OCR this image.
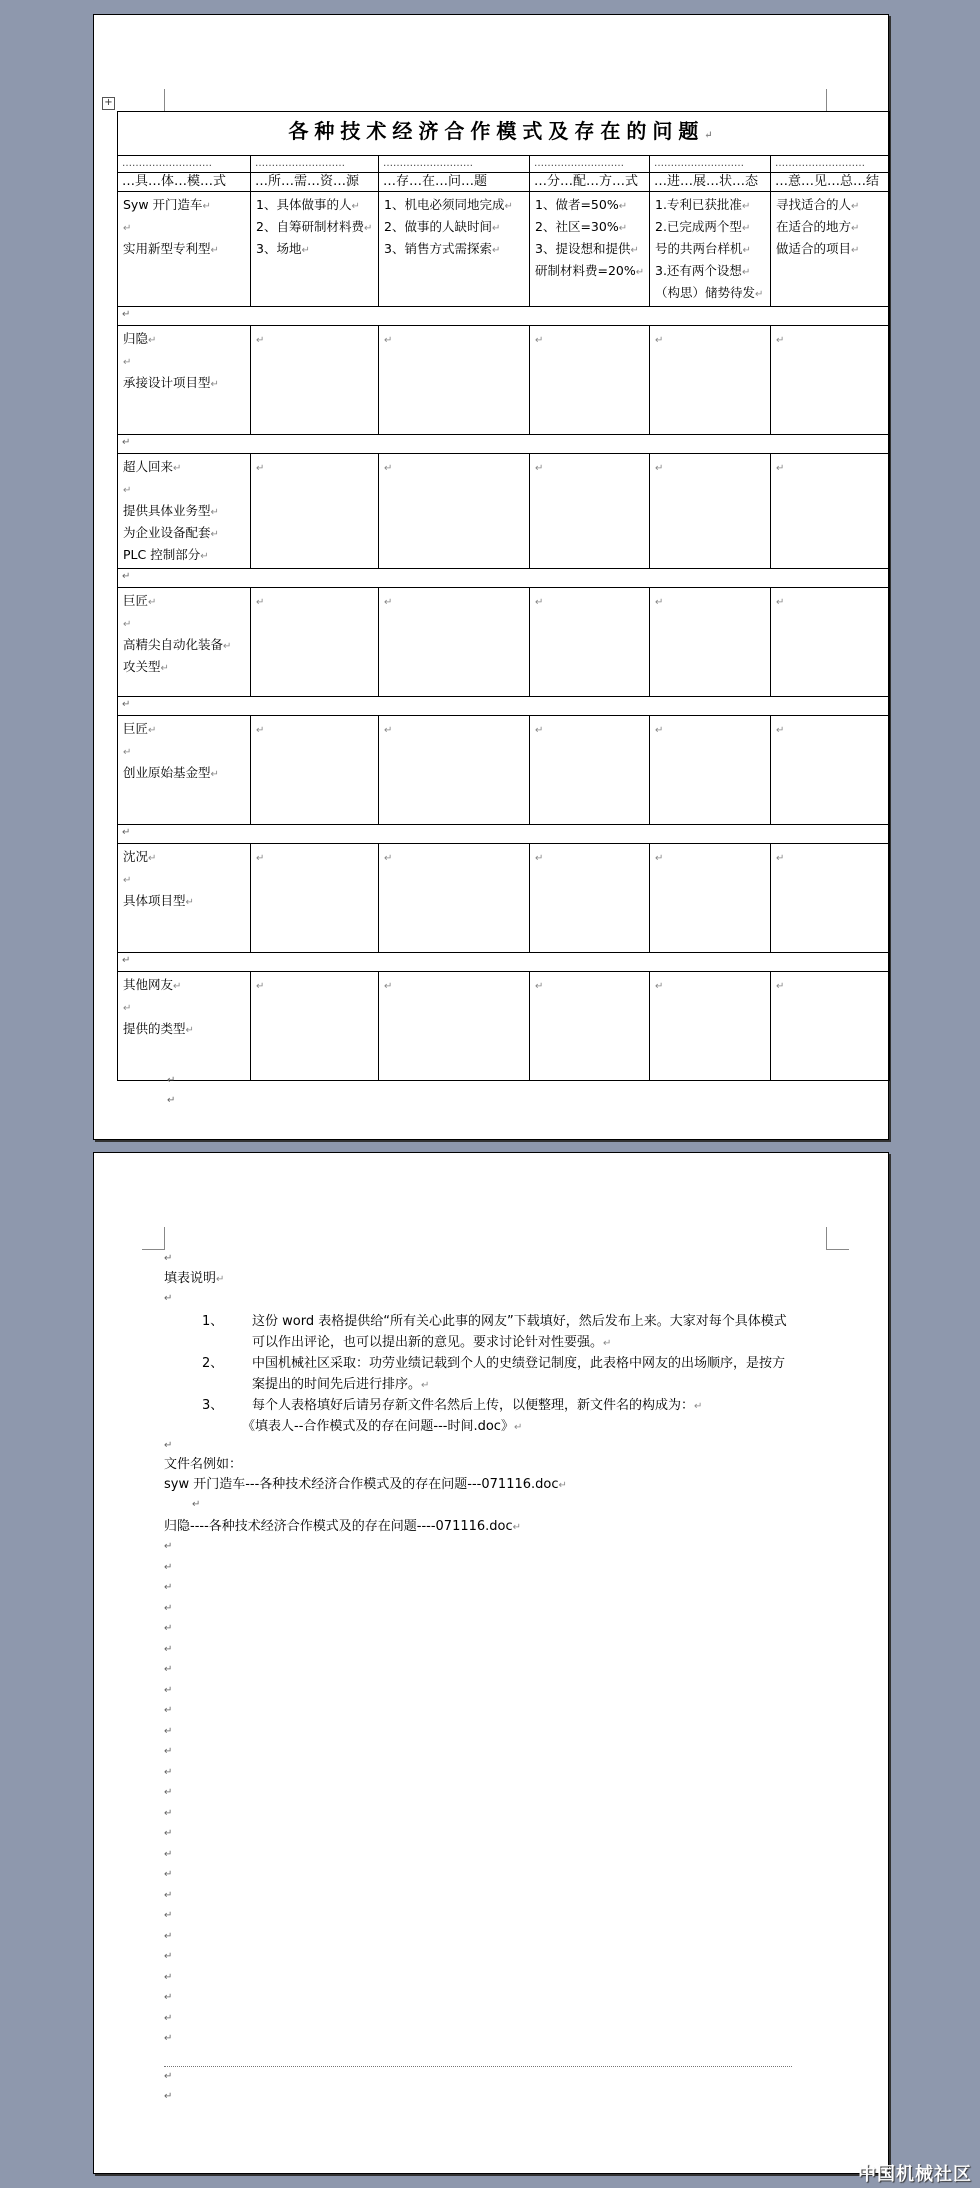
+
各种技术经济合作模式及存在的问题↵					
………………………	………………………	………………………	………………………	………………………	………………………
…具…体…模…式	…所…需…资…源	…存…在…问…题	…分…配…方…式	…进…展…状…态	…意…见…总…结

Syw 开门造车↵
↵
实用新型专利型↵	1、具体做事的人↵
2、自筹研制材料费↵
3、场地↵	1、机电必须同地完成↵
2、做事的人缺时间↵
3、销售方式需探索↵	1、做者=50%↵
2、社区=30%↵
3、提设想和提供↵
研制材料费=20%↵	1.专利已获批准↵
2.已完成两个型↵
号的共两台样机↵
3.还有两个设想↵
（构思）储势待发↵	寻找适合的人↵
在适合的地方↵
做适合的项目↵

↵					

归隐↵
↵
承接设计项目型↵	↵	↵	↵	↵	↵
↵					

超人回来↵
↵
提供具体业务型↵
为企业设备配套↵
PLC 控制部分↵	↵	↵	↵	↵	↵
↵					

巨匠↵
↵
高精尖自动化装备↵
攻关型↵	↵	↵	↵	↵	↵
↵					

巨匠↵
↵
创业原始基金型↵	↵	↵	↵	↵	↵
↵					

沈况↵
↵
具体项目型↵	↵	↵	↵	↵	↵
↵					

其他网友↵
↵
提供的类型↵	↵	↵	↵	↵	↵
↵
↵
↵
填表说明↵
↵
1、 这份 word 表格提供给“所有关心此事的网友”下载填好，然后发布上来。大家对每个具体模式
可以作出评论，也可以提出新的意见。要求讨论针对性要强。↵
2、 中国机械社区采取：功劳业绩记载到个人的史绩登记制度，此表格中网友的出场顺序，是按方
案提出的时间先后进行排序。↵
3、 每个人表格填好后请另存新文件名然后上传，以便整理，新文件名的构成为：↵
《填表人--合作模式及的存在问题---时间.doc》↵
↵
文件名例如：
syw 开门造车---各种技术经济合作模式及的存在问题---071116.doc↵
↵
归隐----各种技术经济合作模式及的存在问题----071116.doc↵
↵
↵
↵
↵
↵
↵
↵
↵
↵
↵
↵
↵
↵
↵
↵
↵
↵
↵
↵
↵
↵
↵
↵
↵
↵
↵
↵
中国机械社区
